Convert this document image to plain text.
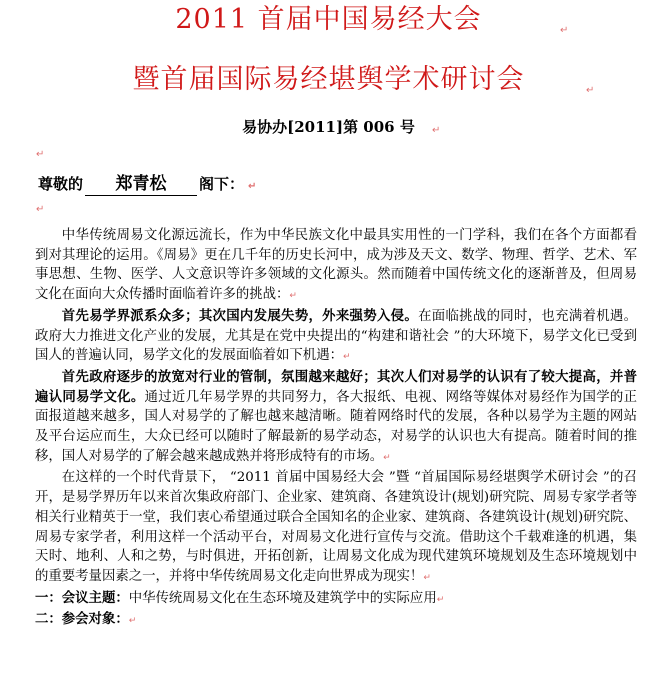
2011 首届中国易经大会	↵
暨首届国际易经堪舆学术研讨会	↵
易协办[2011]第 006 号	↵
↵
尊敬的 郑青松 阁下： ↵
↵

中华传统周易文化源远流长，作为中华民族文化中最具实用性的一门学科，我们在各个方面都看到对其理论的运用。《周易》更在几千年的历史长河中，成为涉及天文、数学、物理、哲学、艺术、军事思想、生物、医学、人文意识等许多领域的文化源头。然而随着中国传统文化的逐渐普及，但周易文化在面向大众传播时面临着许多的挑战：↵

首先易学界派系众多；其次国内发展失势，外来强势入侵。在面临挑战的同时，也充满着机遇。政府大力推进文化产业的发展，尤其是在党中央提出的“构建和谐社会 ”的大环境下，易学文化已受到国人的普遍认同，易学文化的发展面临着如下机遇：↵

首先政府逐步的放宽对行业的管制，氛围越来越好；其次人们对易学的认识有了较大提高，并普遍认同易学文化。通过近几年易学界的共同努力，各大报纸、电视、网络等媒体对易经作为国学的正面报道越来越多，国人对易学的了解也越来越清晰。随着网络时代的发展，各种以易学为主题的网站及平台运应而生，大众已经可以随时了解最新的易学动态，对易学的认识也大有提高。随着时间的推移，国人对易学的了解会越来越成熟并将形成特有的市场。↵

在这样的一个时代背景下， “2011 首届中国易经大会 ”暨 “首届国际易经堪舆学术研讨会 ”的召开，是易学界历年以来首次集政府部门、企业家、建筑商、各建筑设计(规划)研究院、周易专家学者等相关行业精英于一堂，我们衷心希望通过联合全国知名的企业家、建筑商、各建筑设计(规划)研究院、周易专家学者，利用这样一个活动平台，对周易文化进行宣传与交流。借助这个千载难逢的机遇，集天时、地利、人和之势，与时俱进，开拓创新，让周易文化成为现代建筑环境规划及生态环境规划中的重要考量因素之一，并将中华传统周易文化走向世界成为现实！↵

一：会议主题：中华传统周易文化在生态环境及建筑学中的实际应用↵

二：参会对象：↵
